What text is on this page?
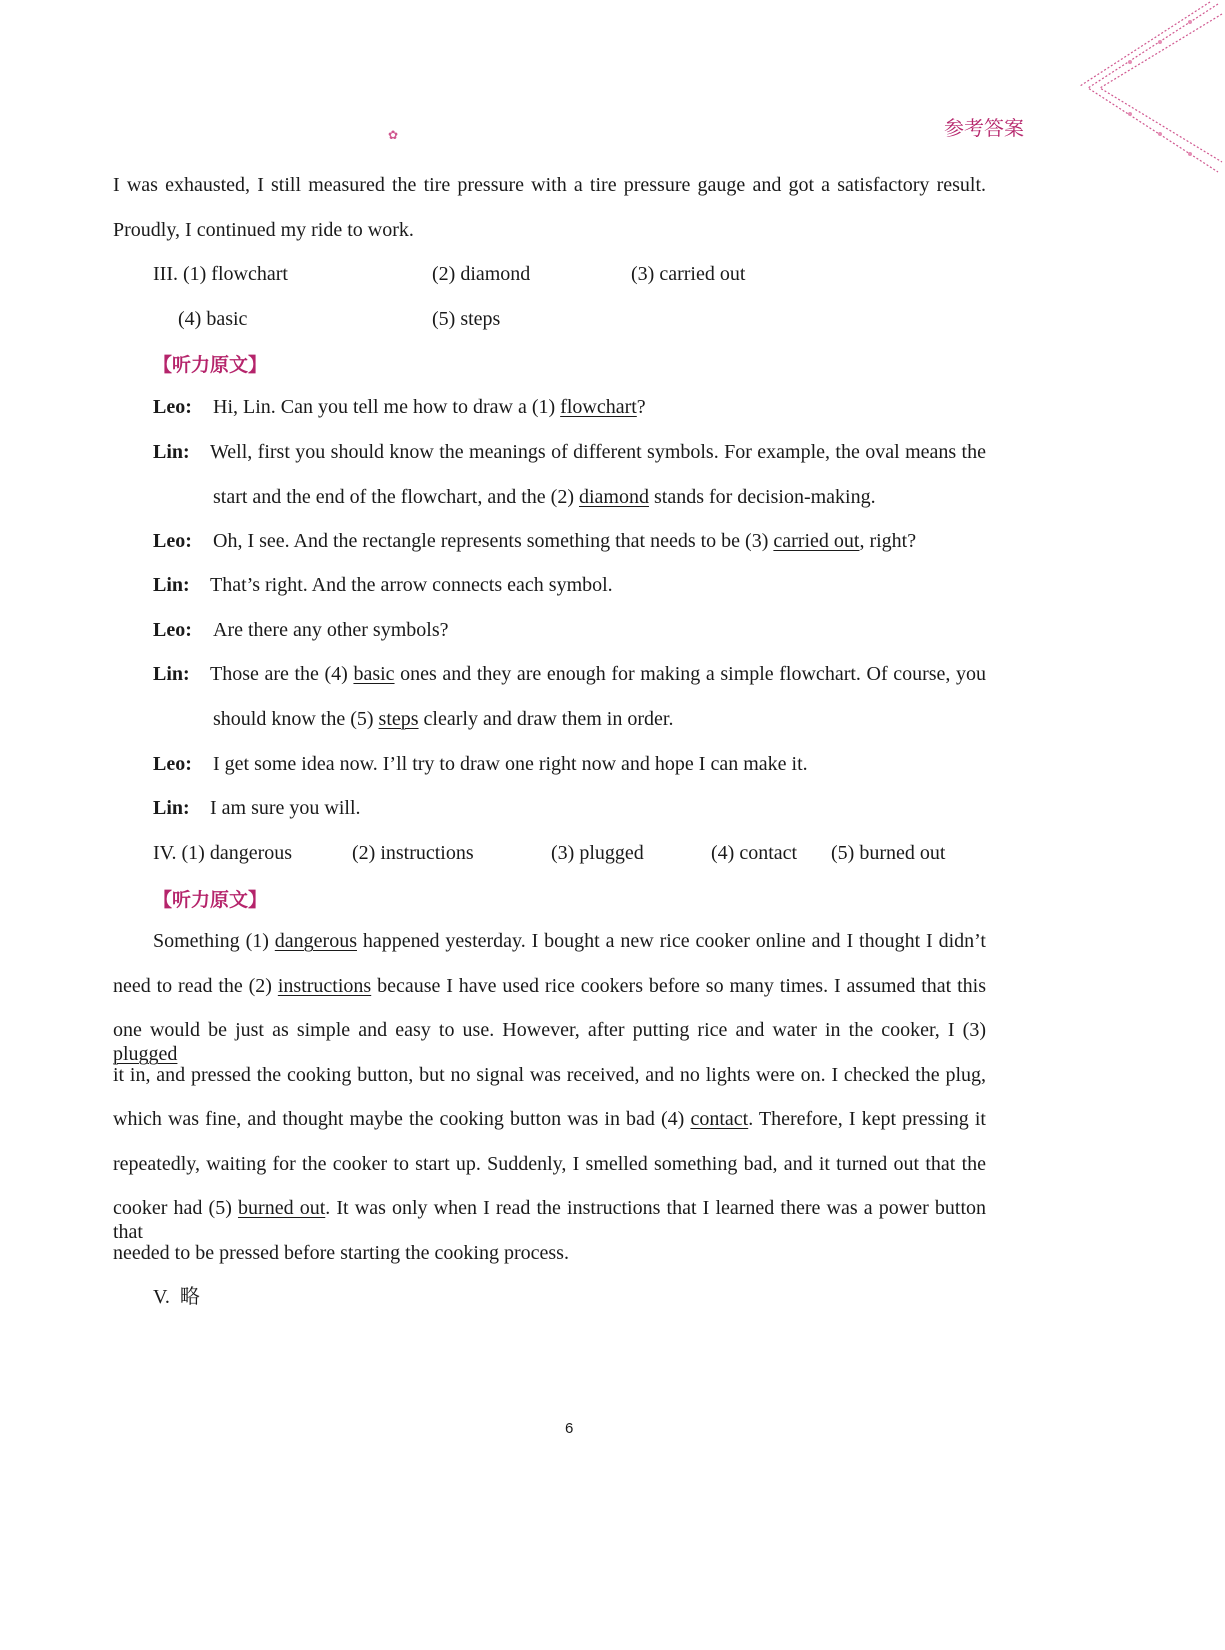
✿	参考答案
I was exhausted, I still measured the tire pressure with a tire pressure gauge and got a satisfactory result.
Proudly, I continued my ride to work.
III. (1) flowchart	(2) diamond	(3) carried out
(4) basic	(5) steps
【听力原文】
Leo: Hi, Lin. Can you tell me how to draw a (1) flowchart?
Lin:	Well, first you should know the meanings of different symbols. For example, the oval means the
start and the end of the flowchart, and the (2) diamond stands for decision-making.
Leo: Oh, I see. And the rectangle represents something that needs to be (3) carried out, right?
Lin: That’s right. And the arrow connects each symbol.
Leo: Are there any other symbols?
Lin:	Those are the (4) basic ones and they are enough for making a simple flowchart. Of course, you
should know the (5) steps clearly and draw them in order.
Leo: I get some idea now. I’ll try to draw one right now and hope I can make it.
Lin: I am sure you will.
IV. (1) dangerous	(2) instructions	(3) plugged	(4) contact (5) burned out
【听力原文】
Something (1) dangerous happened yesterday. I bought a new rice cooker online and I thought I didn’t
need to read the (2) instructions because I have used rice cookers before so many times. I assumed that this
one would be just as simple and easy to use. However, after putting rice and water in the cooker, I (3) plugged
it in, and pressed the cooking button, but no signal was received, and no lights were on. I checked the plug,
which was fine, and thought maybe the cooking button was in bad (4) contact. Therefore, I kept pressing it
repeatedly, waiting for the cooker to start up. Suddenly, I smelled something bad, and it turned out that the
cooker had (5) burned out. It was only when I read the instructions that I learned there was a power button that
needed to be pressed before starting the cooking process.
V.  略
6
